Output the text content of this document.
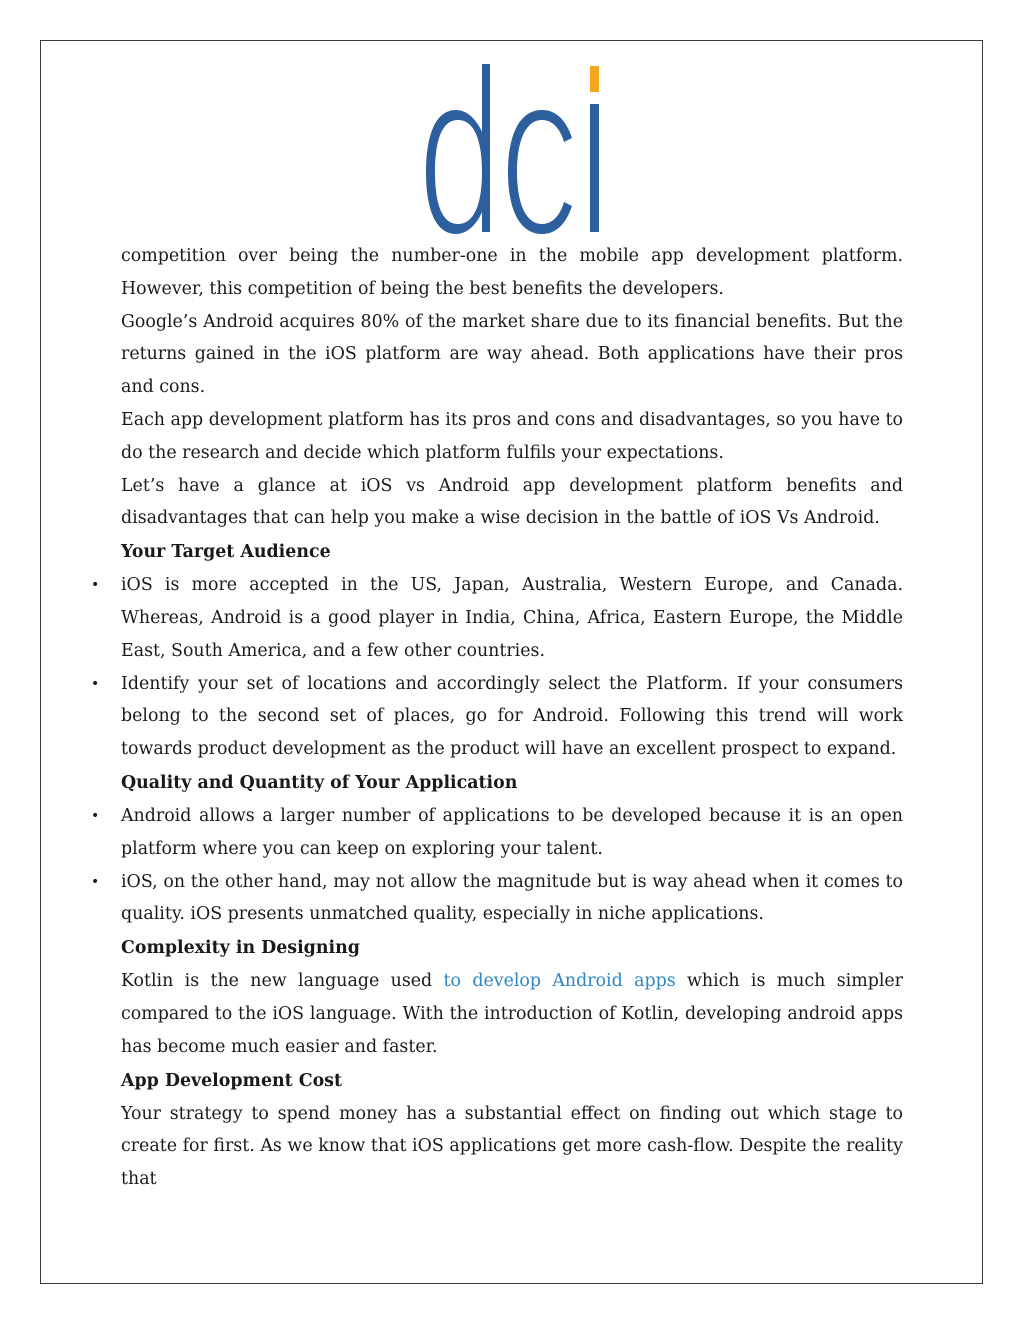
competition over being the number-one in the mobile app development platform. However, this competition of being the best benefits the developers.

Google’s Android acquires 80% of the market share due to its financial benefits. But the returns gained in the iOS platform are way ahead. Both applications have their pros and cons.

Each app development platform has its pros and cons and disadvantages, so you have to do the research and decide which platform fulfils your expectations.

Let’s have a glance at iOS vs Android app development platform benefits and disadvantages that can help you make a wise decision in the battle of iOS Vs Android.

Your Target Audience

• iOS is more accepted in the US, Japan, Australia, Western Europe, and Canada. Whereas, Android is a good player in India, China, Africa, Eastern Europe, the Middle East, South America, and a few other countries.
• Identify your set of locations and accordingly select the Platform. If your consumers belong to the second set of places, go for Android. Following this trend will work towards product development as the product will have an excellent prospect to expand.

Quality and Quantity of Your Application

• Android allows a larger number of applications to be developed because it is an open platform where you can keep on exploring your talent.
• iOS, on the other hand, may not allow the magnitude but is way ahead when it comes to quality. iOS presents unmatched quality, especially in niche applications.

Complexity in Designing

Kotlin is the new language used to develop Android apps which is much simpler compared to the iOS language. With the introduction of Kotlin, developing android apps has become much easier and faster.

App Development Cost

Your strategy to spend money has a substantial effect on finding out which stage to create for first. As we know that iOS applications get more cash-flow. Despite the reality that
